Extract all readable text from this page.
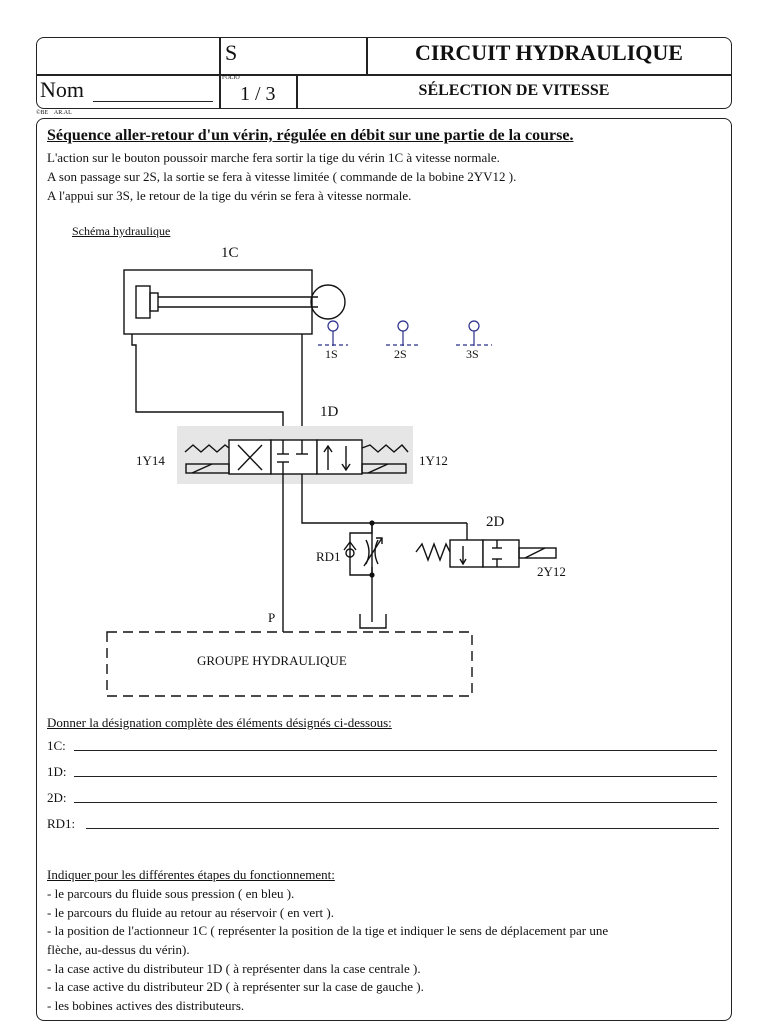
S	CIRCUIT HYDRAULIQUE
Nom	FOLIO
1 / 3	SÉLECTION DE VITESSE
©BE    AR.AL
Séquence aller-retour d'un vérin, régulée en débit sur une partie de la course.
L'action sur le bouton poussoir marche fera sortir la tige du vérin 1C à vitesse normale.
A son passage sur 2S, la sortie se fera à vitesse limitée ( commande de la bobine 2YV12 ).
A l'appui sur 3S, le retour de la tige du vérin se fera à vitesse normale.
Schéma hydraulique
1C
1S	2S	3S
1D
1Y14	1Y12
2D
2Y12
RD1
P
GROUPE HYDRAULIQUE
Donner la désignation complète des éléments désignés ci-dessous:
1C:
1D:
2D:
RD1:
Indiquer pour les différentes étapes du fonctionnement:
- le parcours du fluide sous pression ( en bleu ).
- le parcours du fluide au retour au réservoir ( en vert ).
- la position de l'actionneur 1C ( représenter la position de la tige et indiquer le sens de déplacement par une
flèche, au-dessus du vérin).
- la case active du distributeur 1D ( à représenter dans la case centrale ).
- la case active du distributeur 2D ( à représenter sur la case de gauche ).
- les bobines actives des distributeurs.
